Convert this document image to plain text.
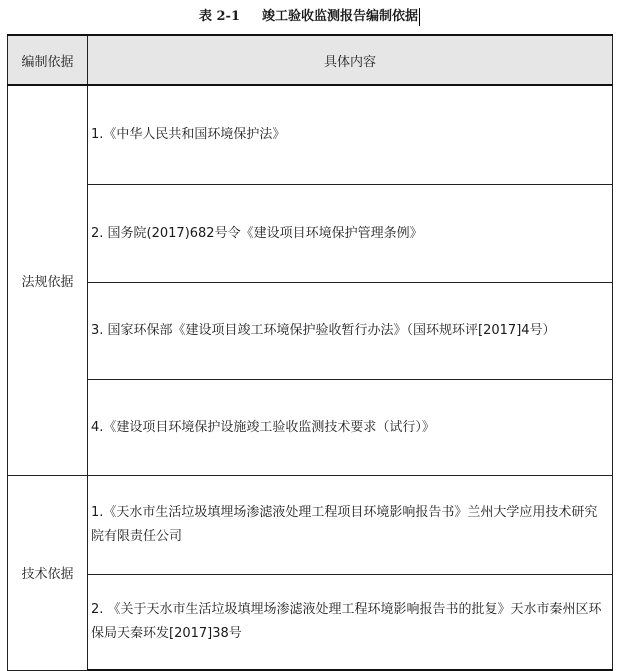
表 2-1 竣工验收监测报告编制依据
编制依据	具体内容
法规依据	1.《中华人民共和国环境保护法》
	2. 国务院(2017)682号令《建设项目环境保护管理条例》
	3. 国家环保部《建设项目竣工环境保护验收暂行办法》（国环规环评[2017]4号）
	4.《建设项目环境保护设施竣工验收监测技术要求（试行）》
技术依据	1.《天水市生活垃圾填埋场渗滤液处理工程项目环境影响报告书》兰州大学应用技术研究院有限责任公司
	2. 《关于天水市生活垃圾填埋场渗滤液处理工程环境影响报告书的批复》天水市秦州区环保局天秦环发[2017]38号
